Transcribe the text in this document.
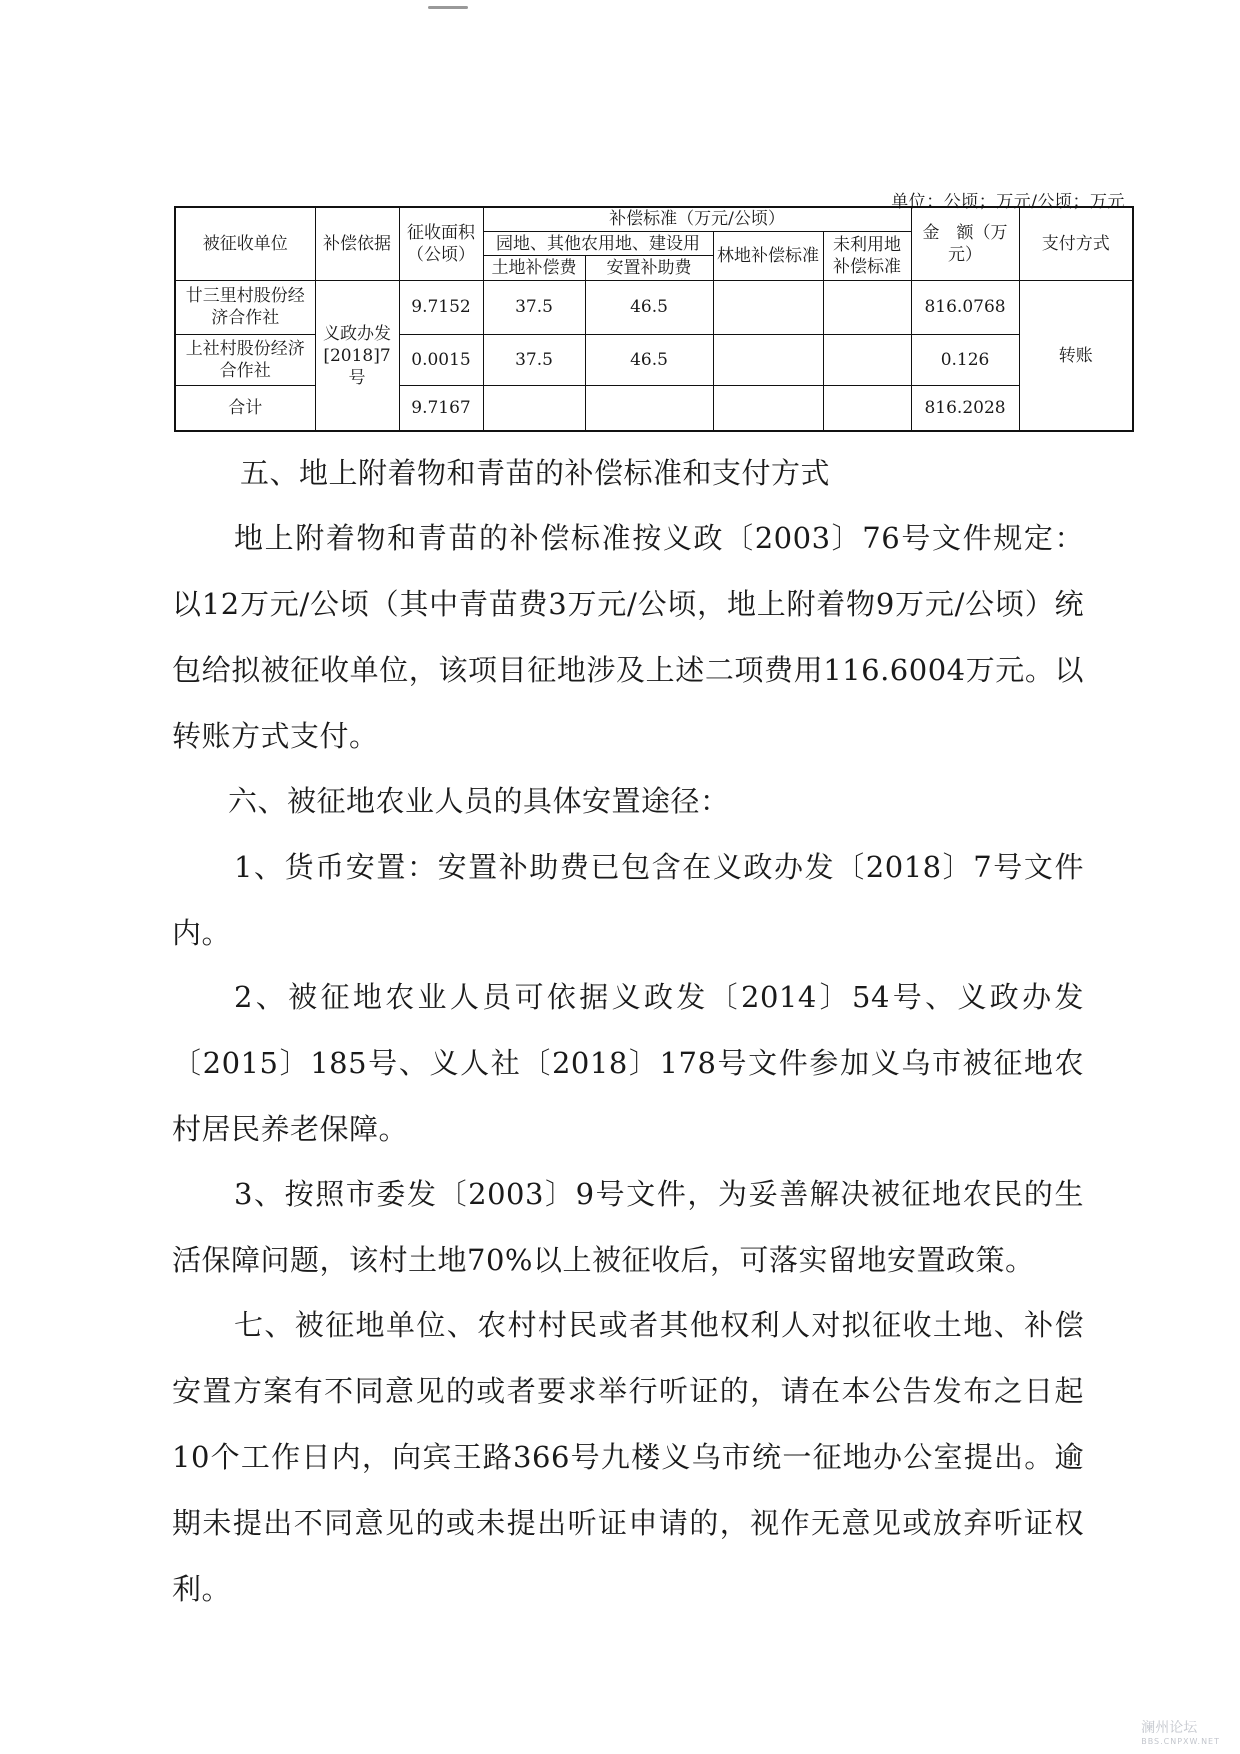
单位：公顷；万元/公顷；万元
被征收单位	补偿依据	征收面积（公顷）	补偿标准（万元/公顷）				金　额（万元）	支付方式
			园地、其他农用地、建设用		林地补偿标准	未利用地补偿标准		
			土地补偿费	安置补助费				
廿三里村股份经济合作社	义政办发[2018]7号	9.7152	37.5	46.5			816.0768	转账
上社村股份经济合作社		0.0015	37.5	46.5			0.126	
合计		9.7167					816.2028	

五、地上附着物和青苗的补偿标准和支付方式

地上附着物和青苗的补偿标准按义政〔2003〕76号文件规定：以12万元/公顷（其中青苗费3万元/公顷，地上附着物9万元/公顷）统包给拟被征收单位，该项目征地涉及上述二项费用116.6004万元。以转账方式支付。

六、被征地农业人员的具体安置途径：

1、货币安置：安置补助费已包含在义政办发〔2018〕7号文件内。

2、被征地农业人员可依据义政发〔2014〕54号、义政办发〔2015〕185号、义人社〔2018〕178号文件参加义乌市被征地农村居民养老保障。

3、按照市委发〔2003〕9号文件，为妥善解决被征地农民的生活保障问题，该村土地70%以上被征收后，可落实留地安置政策。

七、被征地单位、农村村民或者其他权利人对拟征收土地、补偿安置方案有不同意见的或者要求举行听证的，请在本公告发布之日起10个工作日内，向宾王路366号九楼义乌市统一征地办公室提出。逾期未提出不同意见的或未提出听证申请的，视作无意见或放弃听证权利。

澜州论坛
BBS.CNPXW.NET
